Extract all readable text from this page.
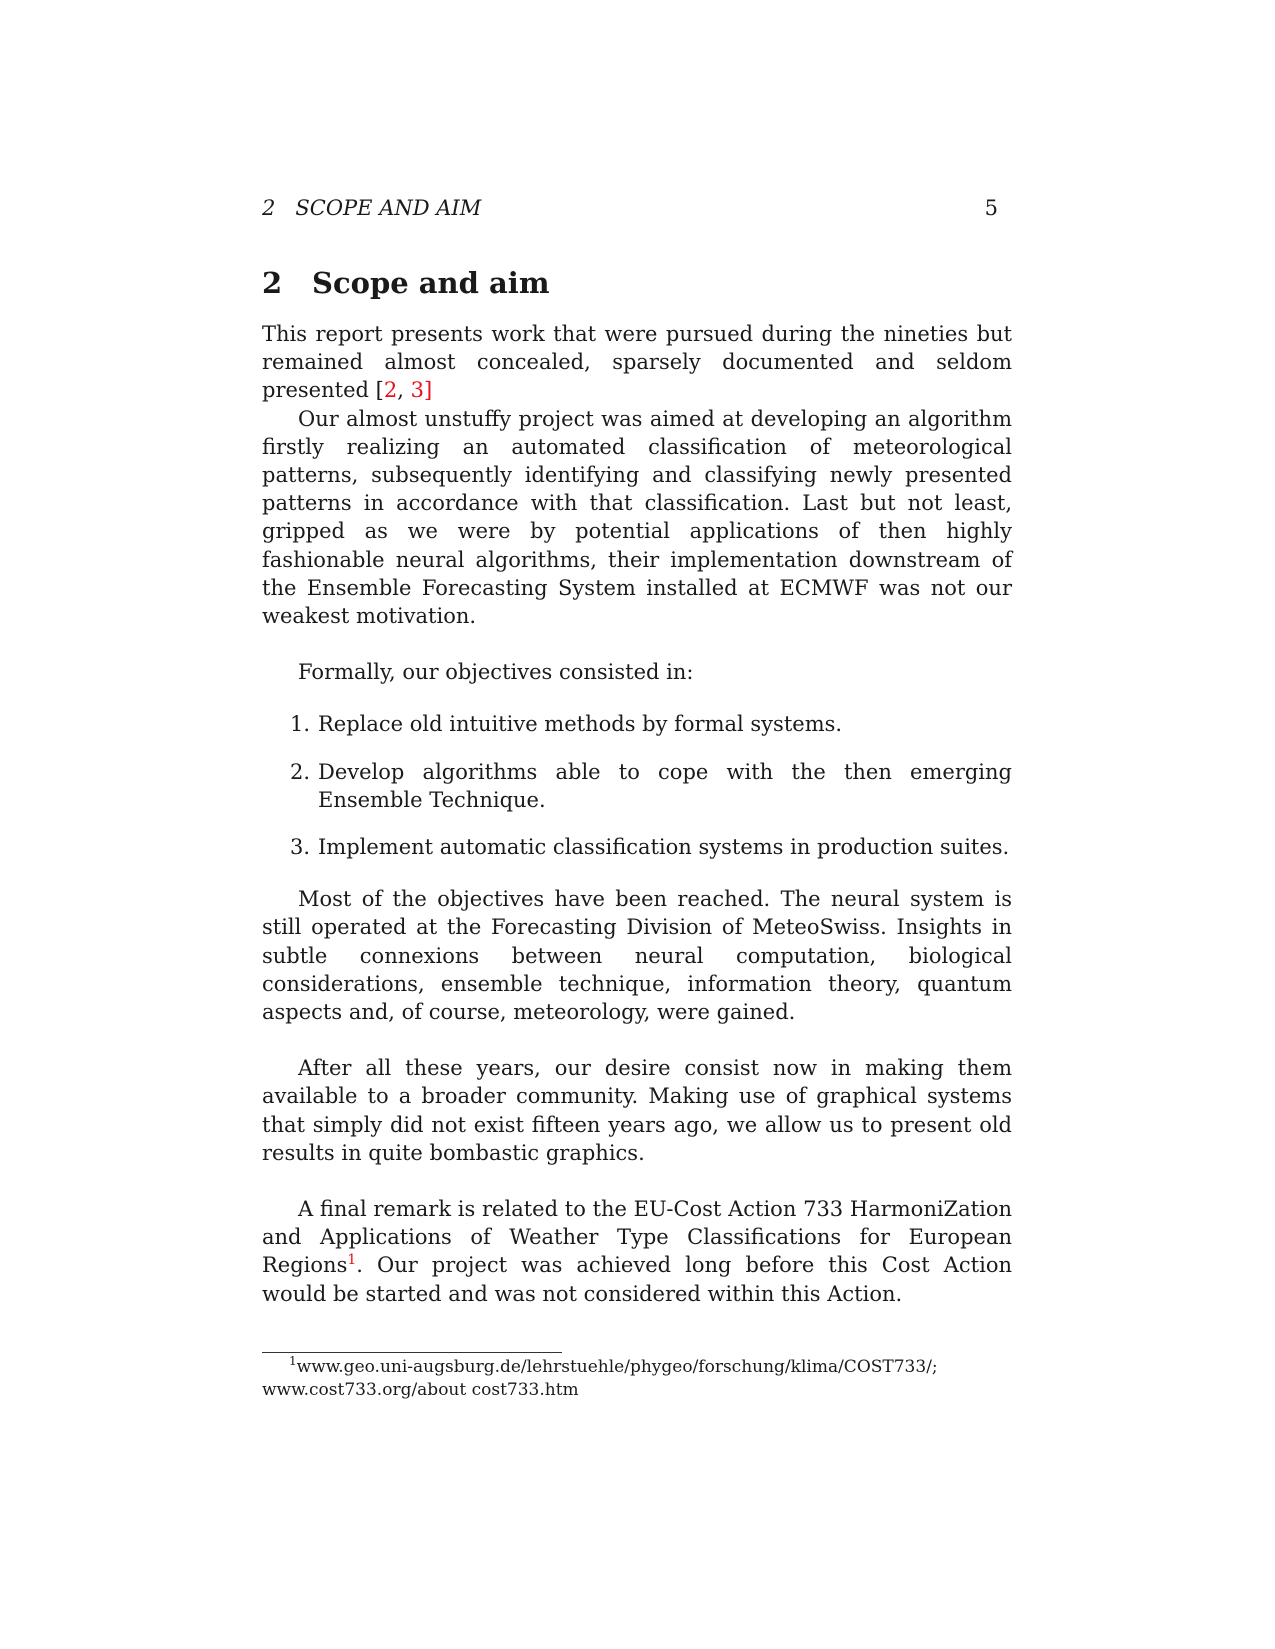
2   SCOPE AND AIM	5
2 Scope and aim

This report presents work that were pursued during the nineties but remained almost concealed, sparsely documented and seldom presented [2, 3]

Our almost unstuffy project was aimed at developing an algorithm firstly realizing an automated classification of meteorological patterns, subsequently identifying and classifying newly presented patterns in accordance with that classification. Last but not least, gripped as we were by potential applications of then highly fashionable neural algorithms, their implementation downstream of the Ensemble Forecasting System installed at ECMWF was not our weakest motivation.

Formally, our objectives consisted in:

1. Replace old intuitive methods by formal systems.
2. Develop algorithms able to cope with the then emerging Ensemble Technique.
3. Implement automatic classification systems in production suites.

Most of the objectives have been reached. The neural system is still operated at the Forecasting Division of MeteoSwiss. Insights in subtle connexions between neural computation, biological considerations, ensemble technique, information theory, quantum aspects and, of course, meteorology, were gained.

After all these years, our desire consist now in making them available to a broader community. Making use of graphical systems that simply did not exist fifteen years ago, we allow us to present old results in quite bombastic graphics.

A final remark is related to the EU-Cost Action 733 HarmoniZation and Applications of Weather Type Classifications for European Regions$^1$. Our project was achieved long before this Cost Action would be started and was not considered within this Action.

$^1$www.geo.uni-augsburg.de/lehrstuehle/phygeo/forschung/klima/COST733/;
www.cost733.org/about cost733.htm
